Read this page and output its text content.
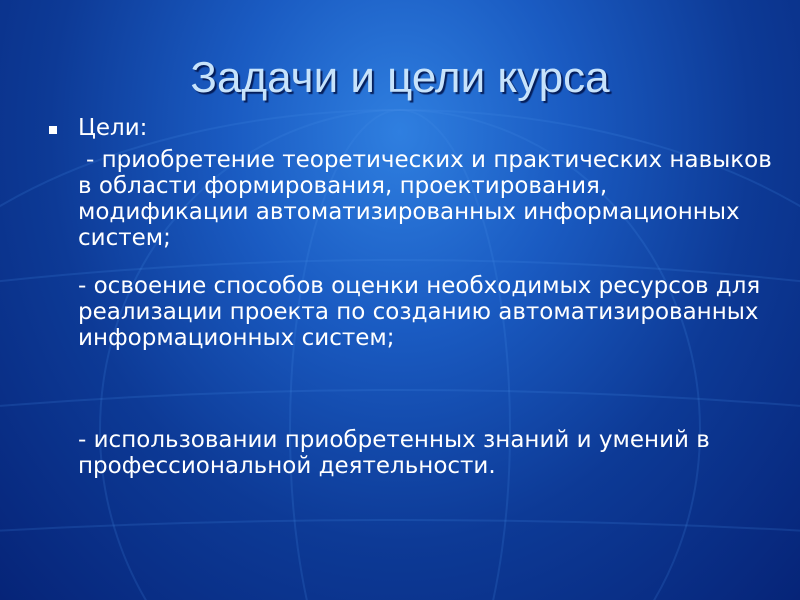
Задачи и цели курса
Цели:

- приобретение теоретических и практических навыков в области формирования, проектирования, модификации автоматизированных информационных систем;

- освоение способов оценки необходимых ресурсов для реализации проекта по созданию автоматизированных информационных систем;

- использовании приобретенных знаний и умений в профессиональной деятельности.
